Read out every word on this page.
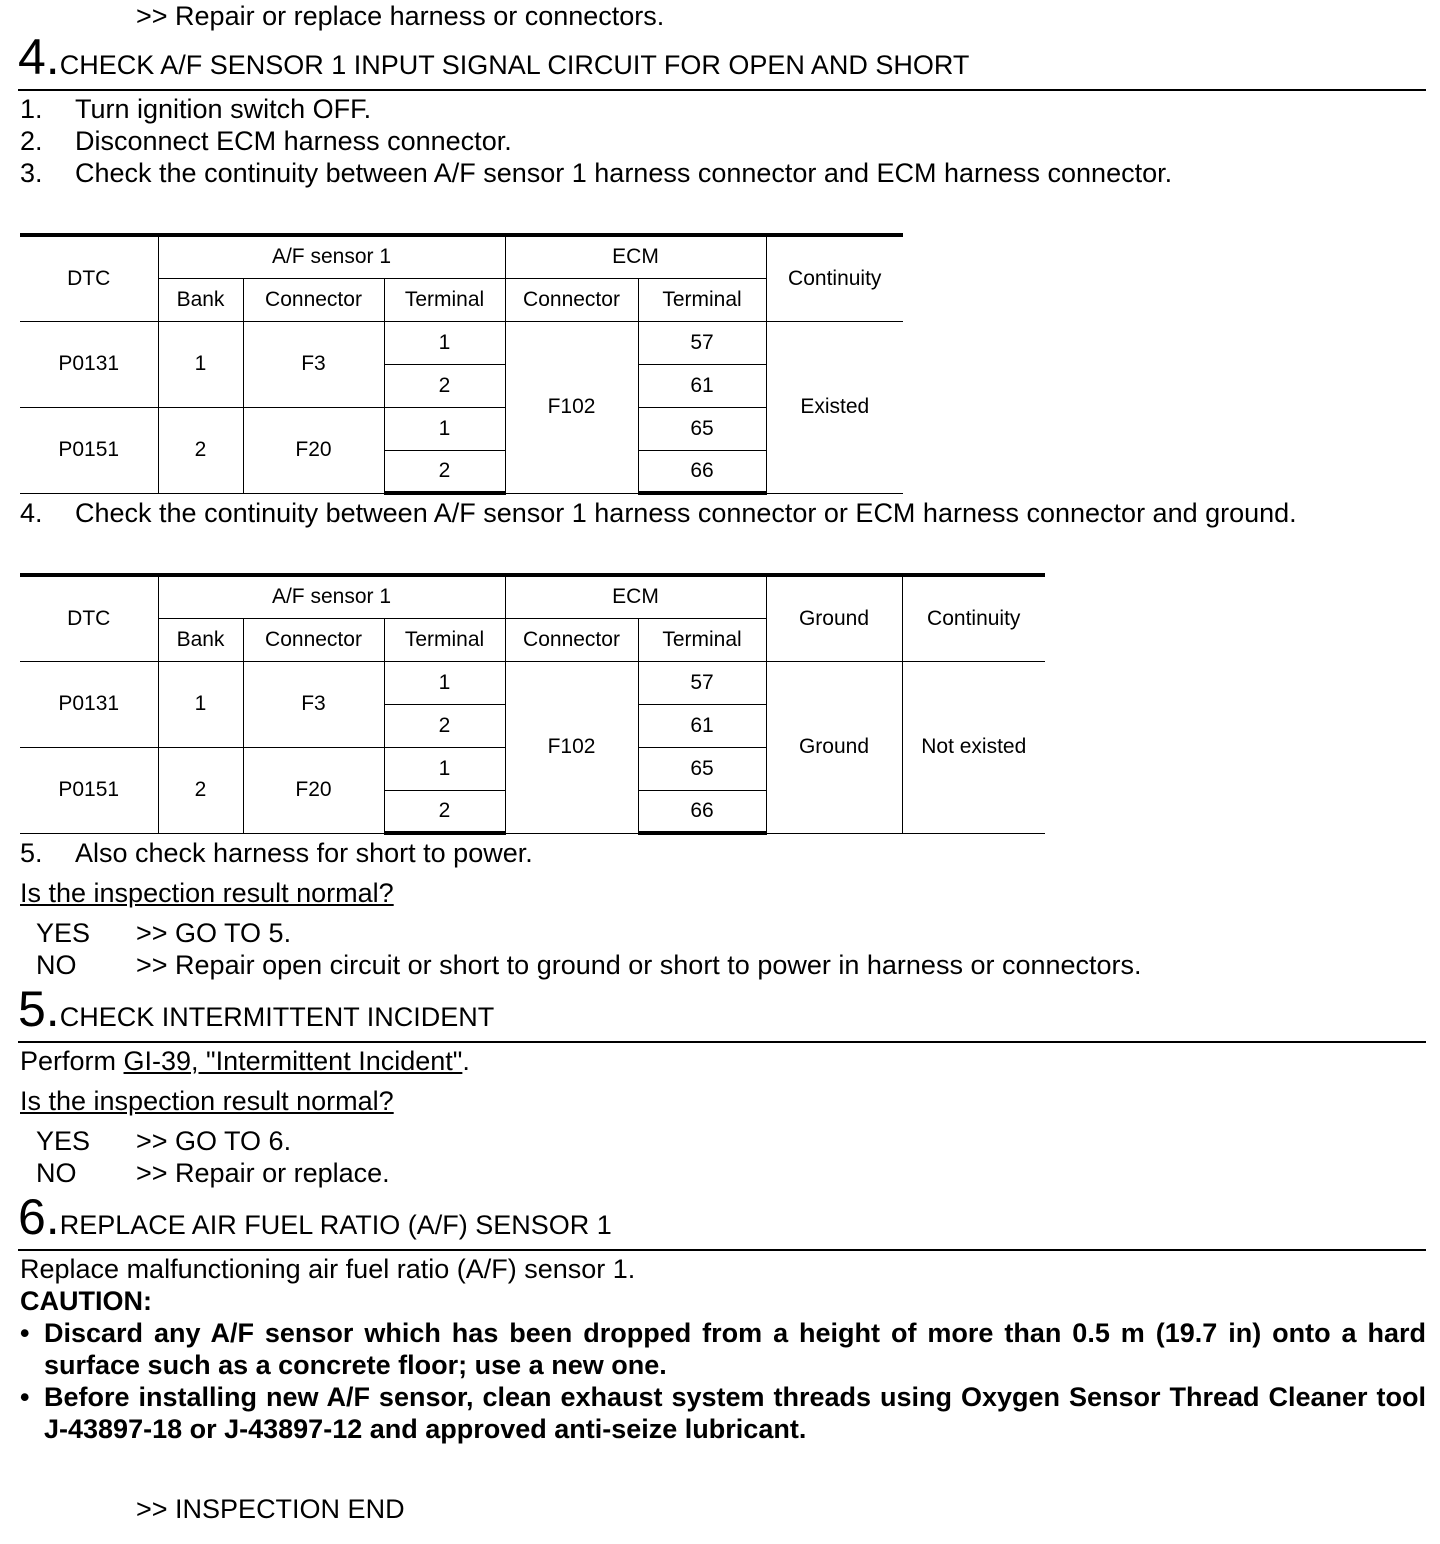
>> Repair or replace harness or connectors.
4.CHECK A/F SENSOR 1 INPUT SIGNAL CIRCUIT FOR OPEN AND SHORT
1. Turn ignition switch OFF.
2. Disconnect ECM harness connector.
3. Check the continuity between A/F sensor 1 harness connector and ECM harness connector.
DTC	A/F sensor 1			ECM		Continuity
	Bank	Connector	Terminal	Connector	Terminal	
P0131	1	F3	1	F102	57	Existed
			2		61	
P0151	2	F20	1		65	
			2		66	
4. Check the continuity between A/F sensor 1 harness connector or ECM harness connector and ground.
DTC	A/F sensor 1			ECM		Ground	Continuity
	Bank	Connector	Terminal	Connector	Terminal		
P0131	1	F3	1	F102	57	Ground	Not existed
			2		61		
P0151	2	F20	1		65		
			2		66		
5. Also check harness for short to power.
Is the inspection result normal?
YES >> GO TO 5.
NO >> Repair open circuit or short to ground or short to power in harness or connectors.
5.CHECK INTERMITTENT INCIDENT
Perform GI-39, "Intermittent Incident".
Is the inspection result normal?
YES >> GO TO 6.
NO >> Repair or replace.
6.REPLACE AIR FUEL RATIO (A/F) SENSOR 1
Replace malfunctioning air fuel ratio (A/F) sensor 1.
CAUTION:
• Discard any A/F sensor which has been dropped from a height of more than 0.5 m (19.7 in) onto a hard surface such as a concrete floor; use a new one.
• Before installing new A/F sensor, clean exhaust system threads using Oxygen Sensor Thread Cleaner tool J-43897-18 or J-43897-12 and approved anti-seize lubricant.
>> INSPECTION END
